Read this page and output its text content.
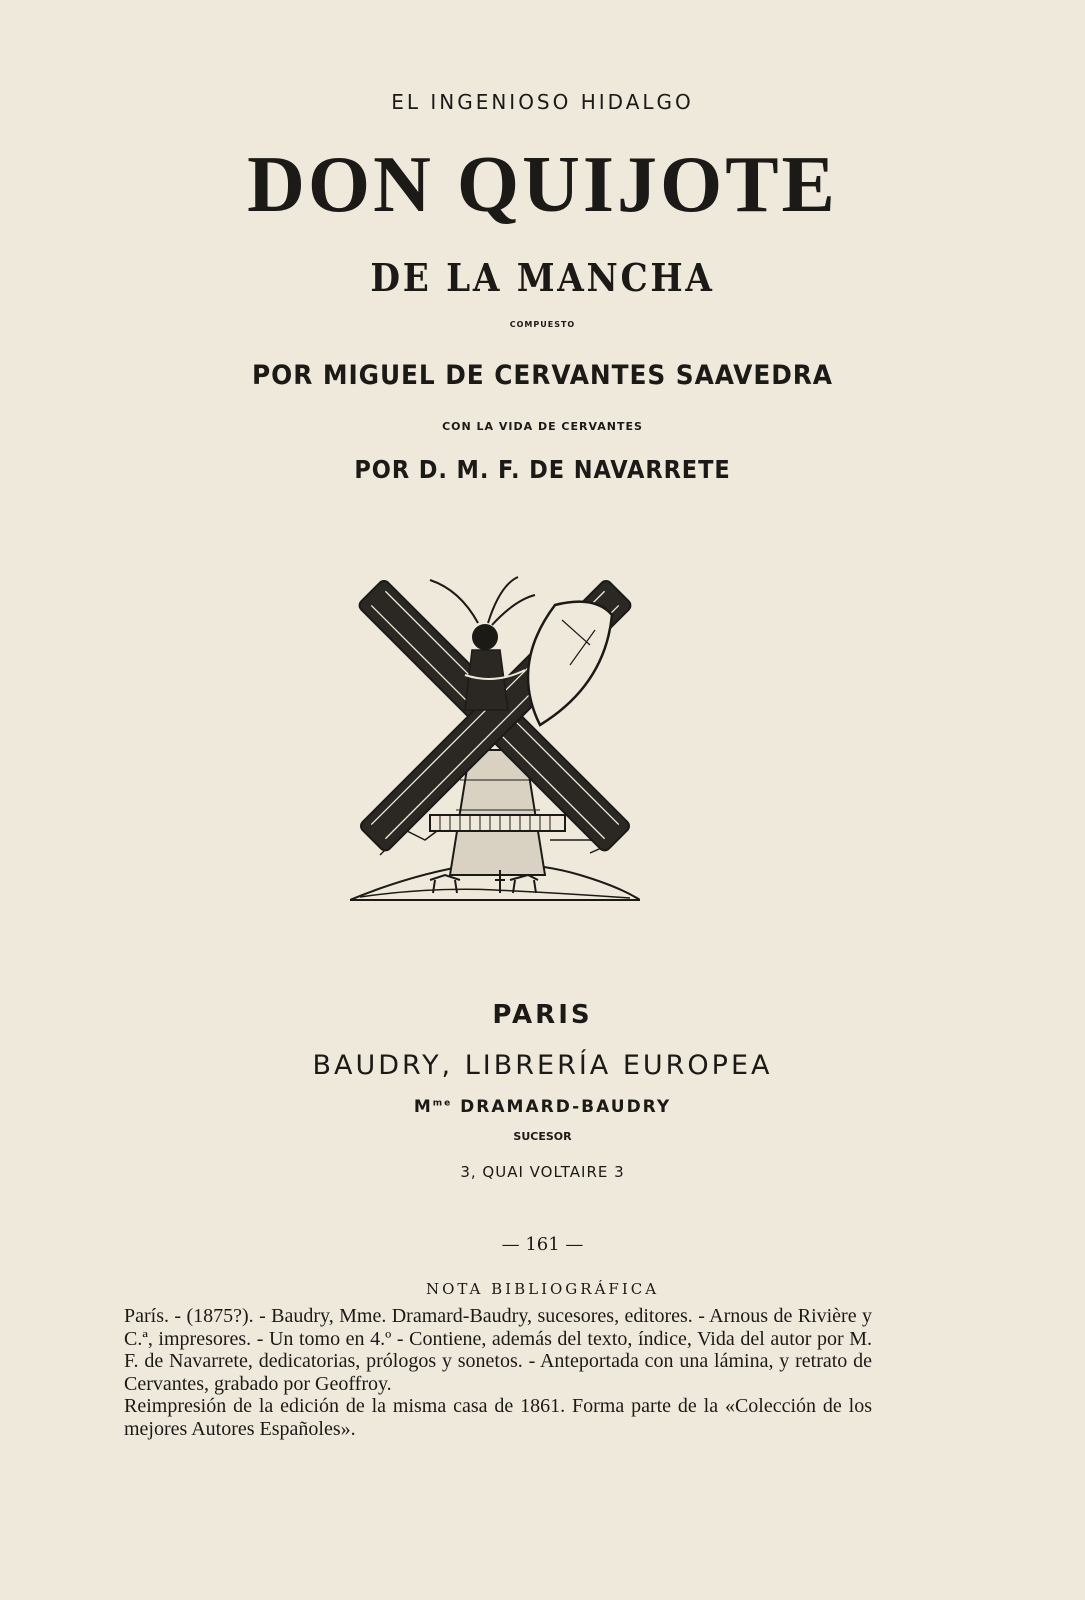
EL INGENIOSO HIDALGO
DON QUIJOTE
DE LA MANCHA
COMPUESTO
POR MIGUEL DE CERVANTES SAAVEDRA
CON LA VIDA DE CERVANTES
POR D. M. F. DE NAVARRETE
PARIS
BAUDRY, LIBRERÍA EUROPEA
$M^{me}$ DRAMARD-BAUDRY
SUCESOR
3, QUAI VOLTAIRE 3
— 161 —
NOTA BIBLIOGRÁFICA

París. - (1875?). - Baudry, Mme. Dramard-Baudry, sucesores, editores. - Arnous de Rivière y C.ª, impresores. - Un tomo en 4.º - Contiene, además del texto, índice, Vida del autor por M. F. de Navarrete, dedicatorias, prólogos y sonetos. - Anteportada con una lámina, y retrato de Cervantes, grabado por Geoffroy.

Reimpresión de la edición de la misma casa de 1861. Forma parte de la «Colección de los mejores Autores Españoles».
